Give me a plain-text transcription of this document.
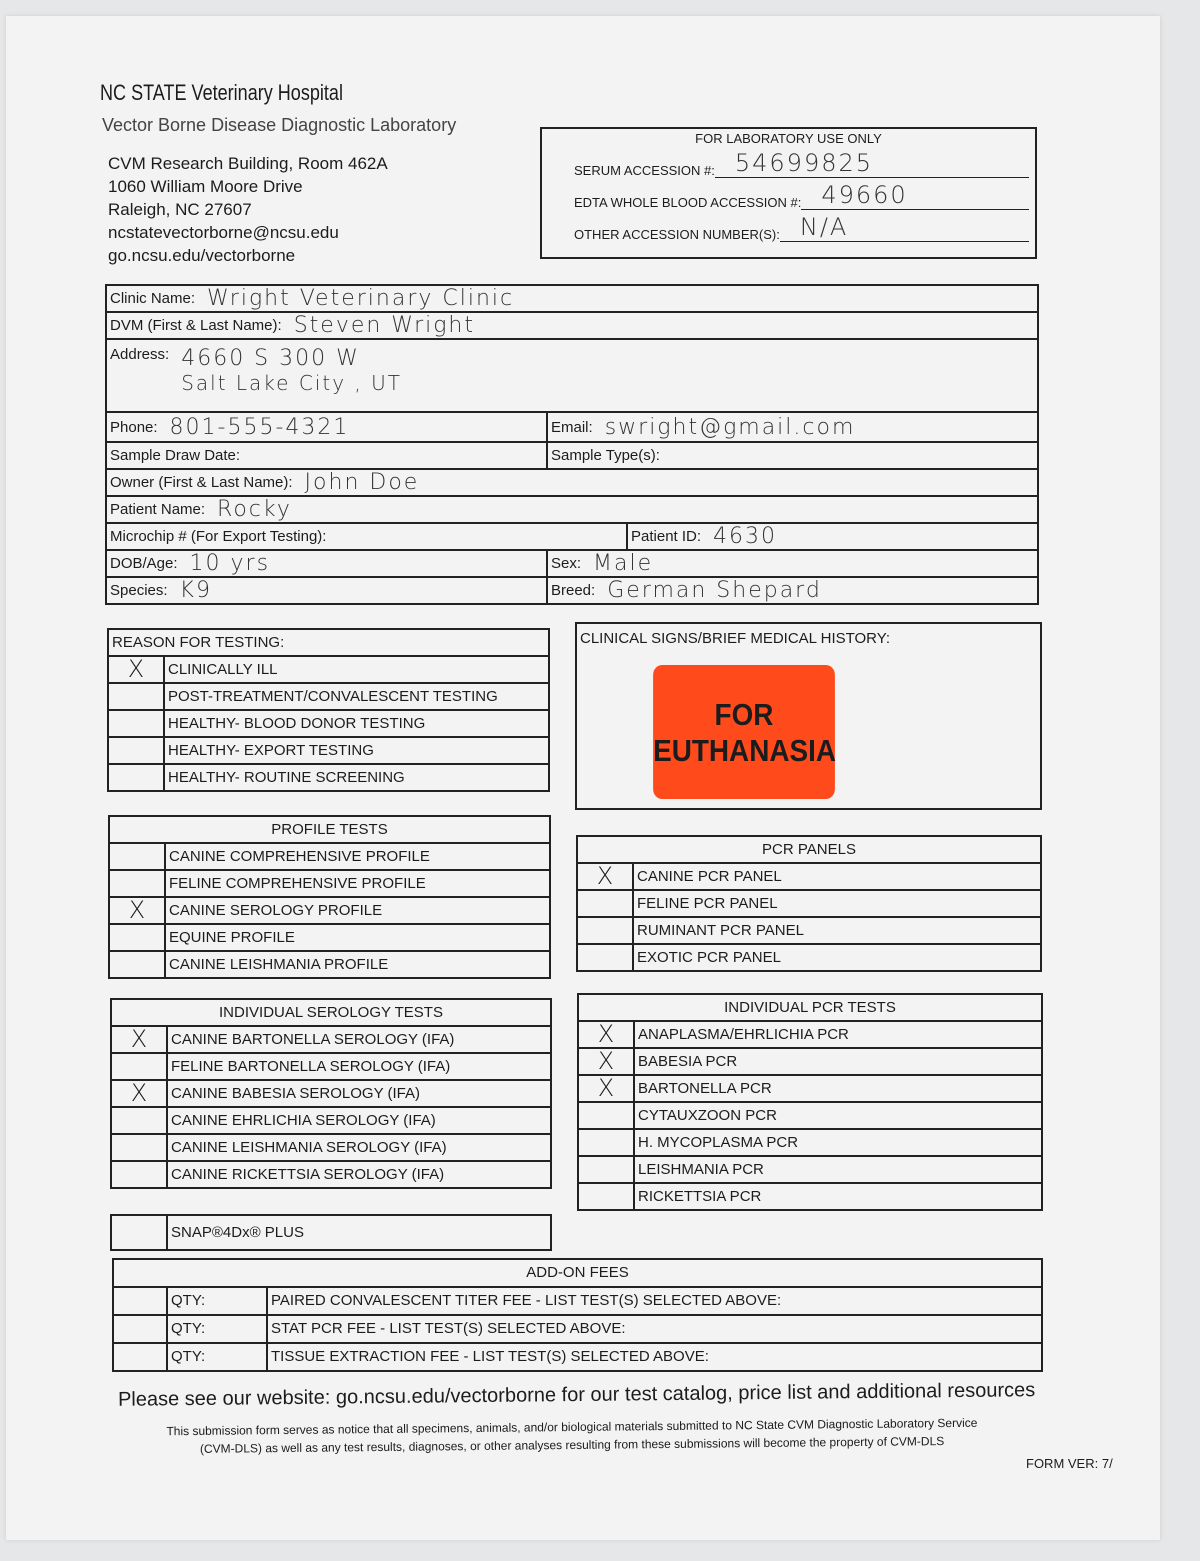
NC STATE Veterinary Hospital
Vector Borne Disease Diagnostic Laboratory
CVM Research Building, Room 462A
1060 William Moore Drive
Raleigh, NC 27607
ncstatevectorborne@ncsu.edu
go.ncsu.edu/vectorborne
FOR LABORATORY USE ONLY
SERUM ACCESSION #: 54699825
EDTA WHOLE BLOOD ACCESSION #: 49660
OTHER ACCESSION NUMBER(S): N/A
Clinic Name: Wright Veterinary Clinic
DVM (First & Last Name): Steven Wright
Address: 4660 S 300 W
Salt Lake City , UT
Phone: 801-555-4321	Email: swright@gmail.com
Sample Draw Date:	Sample Type(s):
Owner (First & Last Name): John Doe
Patient Name: Rocky
Microchip # (For Export Testing):	Patient ID: 4630
DOB/Age: 10 yrs	Sex: Male
Species: K9	Breed: German Shepard
REASON FOR TESTING:
X	CLINICALLY ILL
POST-TREATMENT/CONVALESCENT TESTING
HEALTHY- BLOOD DONOR TESTING
HEALTHY- EXPORT TESTING
HEALTHY- ROUTINE SCREENING
CLINICAL SIGNS/BRIEF MEDICAL HISTORY:
FOR
EUTHANASIA
PROFILE TESTS
CANINE COMPREHENSIVE PROFILE
FELINE COMPREHENSIVE PROFILE
X	CANINE SEROLOGY PROFILE
EQUINE PROFILE
CANINE LEISHMANIA PROFILE
PCR PANELS
X	CANINE PCR PANEL
FELINE PCR PANEL
RUMINANT PCR PANEL
EXOTIC PCR PANEL
INDIVIDUAL SEROLOGY TESTS
X	CANINE BARTONELLA SEROLOGY (IFA)
FELINE BARTONELLA SEROLOGY (IFA)
X	CANINE BABESIA SEROLOGY (IFA)
CANINE EHRLICHIA SEROLOGY (IFA)
CANINE LEISHMANIA SEROLOGY (IFA)
CANINE RICKETTSIA SEROLOGY (IFA)
INDIVIDUAL PCR TESTS
X	ANAPLASMA/EHRLICHIA PCR
X	BABESIA PCR
X	BARTONELLA PCR
CYTAUXZOON PCR
H. MYCOPLASMA PCR
LEISHMANIA PCR
RICKETTSIA PCR
SNAP®4Dx® PLUS
ADD-ON FEES
QTY:	PAIRED CONVALESCENT TITER FEE - LIST TEST(S) SELECTED ABOVE:
QTY:	STAT PCR FEE - LIST TEST(S) SELECTED ABOVE:
QTY:	TISSUE EXTRACTION FEE - LIST TEST(S) SELECTED ABOVE:
Please see our website: go.ncsu.edu/vectorborne for our test catalog, price list and additional resources
This submission form serves as notice that all specimens, animals, and/or biological materials submitted to NC State CVM Diagnostic Laboratory Service
(CVM-DLS) as well as any test results, diagnoses, or other analyses resulting from these submissions will become the property of CVM-DLS
FORM VER: 7/
